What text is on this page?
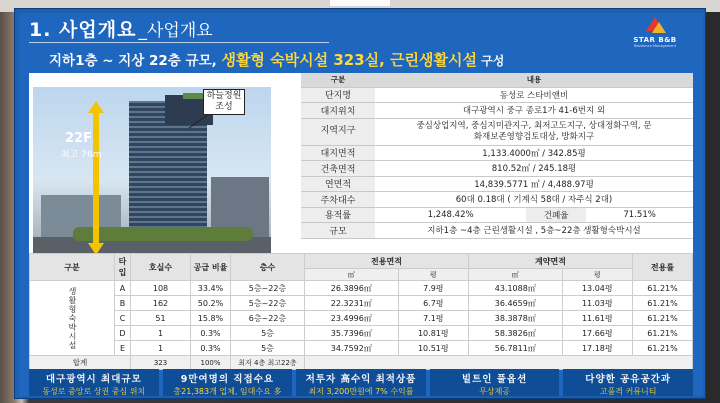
1. 사업개요 _사업개요	STAR B&B
Residence Management
지하1층 ~ 지상 22층 규모, 생활형 숙박시설 323실, 근린생활시설 구성
22F
최고 76m
하늘정원 조성
구분	내용		
단지명	동성로 스타비앤비		
대지위치	대구광역시 중구 종로1가 41-6번지 외		
지역지구	중심상업지역, 중심지미관지구, 최저고도지구, 상대정화구역, 문화재보존영향검토대상, 방화지구		
대지면적	1,133.4000㎡ / 342.85평		
건축면적	810.52㎡ / 245.18평		
연면적	14,839.5771 ㎡ / 4,488.97평		
주차대수	60대 0.18대 ( 기계식 58대 / 자주식 2대)		
용적률	1,248.42%	건폐율	71.51%
규모	지하1층 ~4층 근린생활시설 , 5층~22층 생활형숙박시설		
구분	타입	호실수	공급 비율	층수	전용면적		계약면적		전용률
					㎡	평	㎡	평	
생활형숙박시설	A	108	33.4%	5층~22층	26.3896㎡	7.9평	43.1088㎡	13.04평	61.21%
	B	162	50.2%	5층~22층	22.3231㎡	6.7평	36.4659㎡	11.03평	61.21%
	C	51	15.8%	6층~22층	23.4996㎡	7.1평	38.3878㎡	11.61평	61.21%
	D	1	0.3%	5층	35.7396㎡	10.81평	58.3826㎡	17.66평	61.21%
	E	1	0.3%	5층	34.7592㎡	10.51평	56.7811㎡	17.18평	61.21%
합계		323	100%	최저 4층 최고22층					
대구광역시 최대규모
동성로 중앙로 상권 중심 위치
9만여명의 직접수요
총21,383개 업체, 임대수요 多
저투자 高수익 최적상품
최저 3,200만원에 7% 수익률
빌트인 풀옵션
무상제공
다양한 공유공간과
고품격 커뮤니티
